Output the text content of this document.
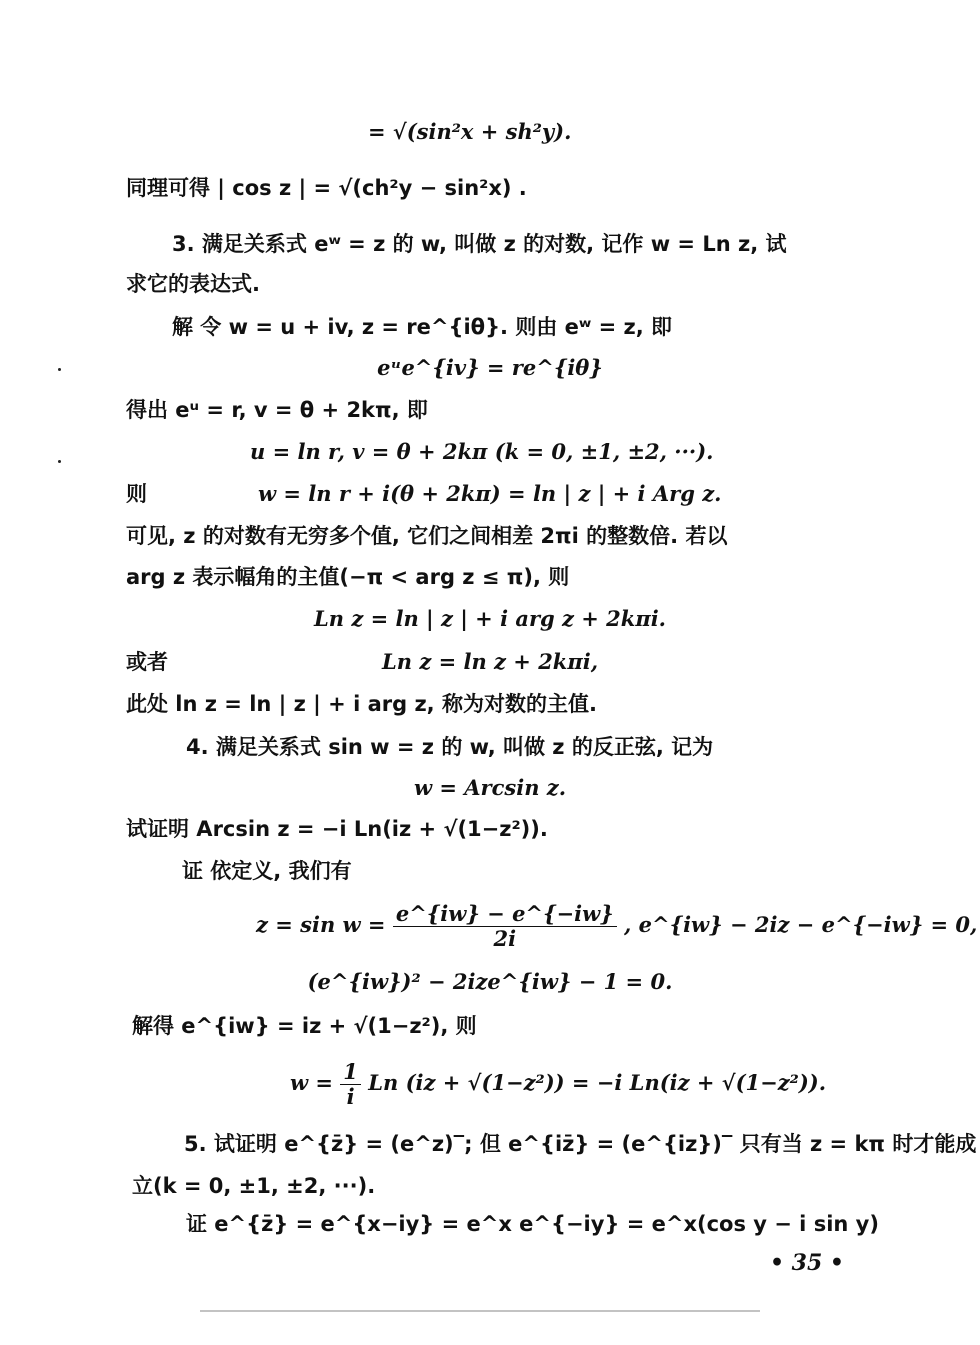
= √(sin²x + sh²y).
同理可得 | cos z | = √(ch²y − sin²x) .
3. 满足关系式 eʷ = z 的 w, 叫做 z 的对数, 记作 w = Ln z, 试
求它的表达式.
解 令 w = u + iv, z = re^{iθ}. 则由 eʷ = z, 即
eᵘe^{iv} = re^{iθ}
得出 eᵘ = r, v = θ + 2kπ, 即
u = ln r, v = θ + 2kπ (k = 0, ±1, ±2, ···).
则	w = ln r + i(θ + 2kπ) = ln | z | + i Arg z.
可见, z 的对数有无穷多个值, 它们之间相差 2πi 的整数倍. 若以
arg z 表示幅角的主值(−π < arg z ≤ π), 则
Ln z = ln | z | + i arg z + 2kπi.
或者	Ln z = ln z + 2kπi,
此处 ln z = ln | z | + i arg z, 称为对数的主值.
4. 满足关系式 sin w = z 的 w, 叫做 z 的反正弦, 记为
w = Arcsin z.
试证明 Arcsin z = −i Ln(iz + √(1−z²)).
证 依定义, 我们有
$z = \sin w = \frac{e\^{}\{iw\} - e\^{}\{-iw\}}{2i}$ , e^{iw} − 2iz − e^{−iw} = 0,
(e^{iw})² − 2ize^{iw} − 1 = 0.
解得 e^{iw} = iz + √(1−z²), 则
$w = \frac{1}{i}$ Ln (iz + √(1−z²)) = −i Ln(iz + √(1−z²)).
5. 试证明 e^{z̄} = (e^z)‾; 但 e^{iz̄} = (e^{iz})‾ 只有当 z = kπ 时才能成
立(k = 0, ±1, ±2, ···).
证 e^{z̄} = e^{x−iy} = e^x e^{−iy} = e^x(cos y − i sin y)
• 35 •
